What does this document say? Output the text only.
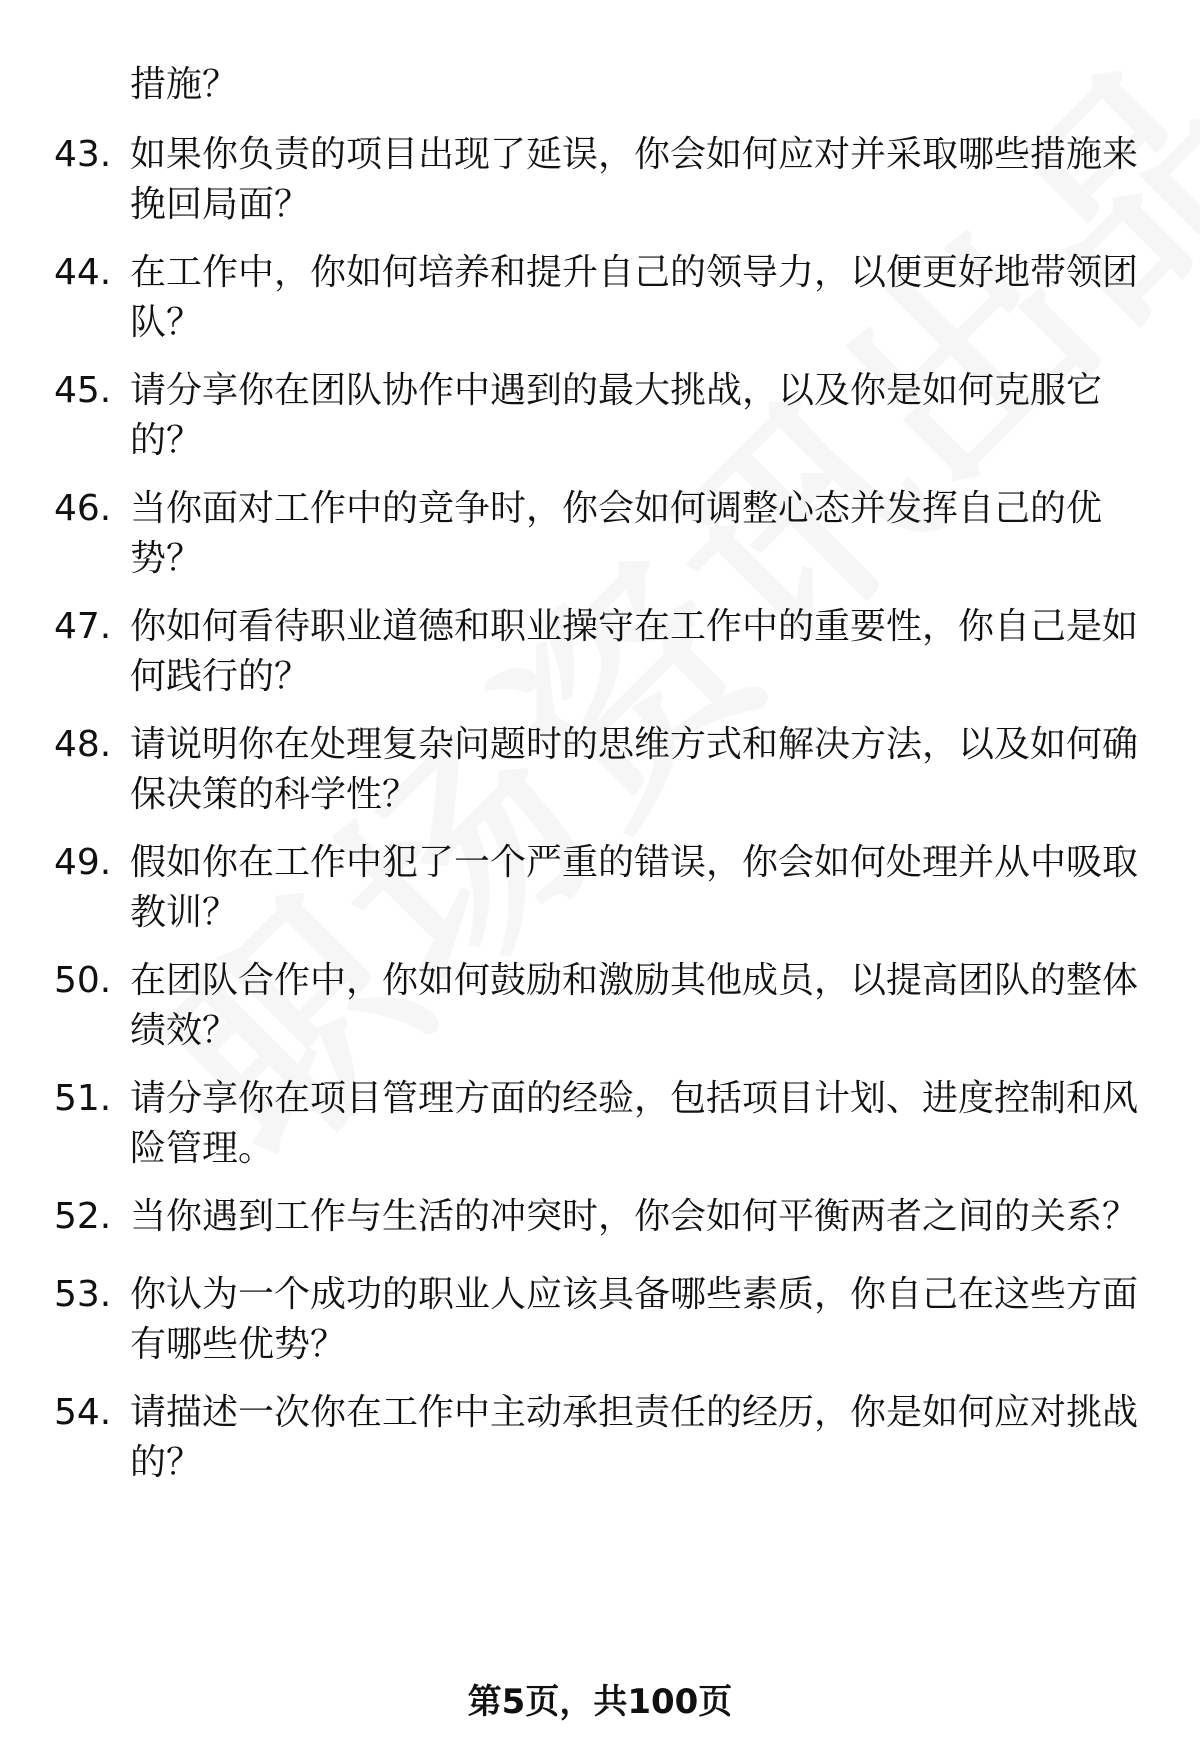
措施？

43. 如果你负责的项目出现了延误，你会如何应对并采取哪些措施来
挽回局面？
44. 在工作中，你如何培养和提升自己的领导力，以便更好地带领团
队？
45. 请分享你在团队协作中遇到的最大挑战，以及你是如何克服它
的？
46. 当你面对工作中的竞争时，你会如何调整心态并发挥自己的优
势？
47. 你如何看待职业道德和职业操守在工作中的重要性，你自己是如
何践行的？
48. 请说明你在处理复杂问题时的思维方式和解决方法，以及如何确
保决策的科学性？
49. 假如你在工作中犯了一个严重的错误，你会如何处理并从中吸取
教训？
50. 在团队合作中，你如何鼓励和激励其他成员，以提高团队的整体
绩效？
51. 请分享你在项目管理方面的经验，包括项目计划、进度控制和风
险管理。
52. 当你遇到工作与生活的冲突时，你会如何平衡两者之间的关系？
53. 你认为一个成功的职业人应该具备哪些素质，你自己在这些方面
有哪些优势？
54. 请描述一次你在工作中主动承担责任的经历，你是如何应对挑战
的？
第5页，共100页
